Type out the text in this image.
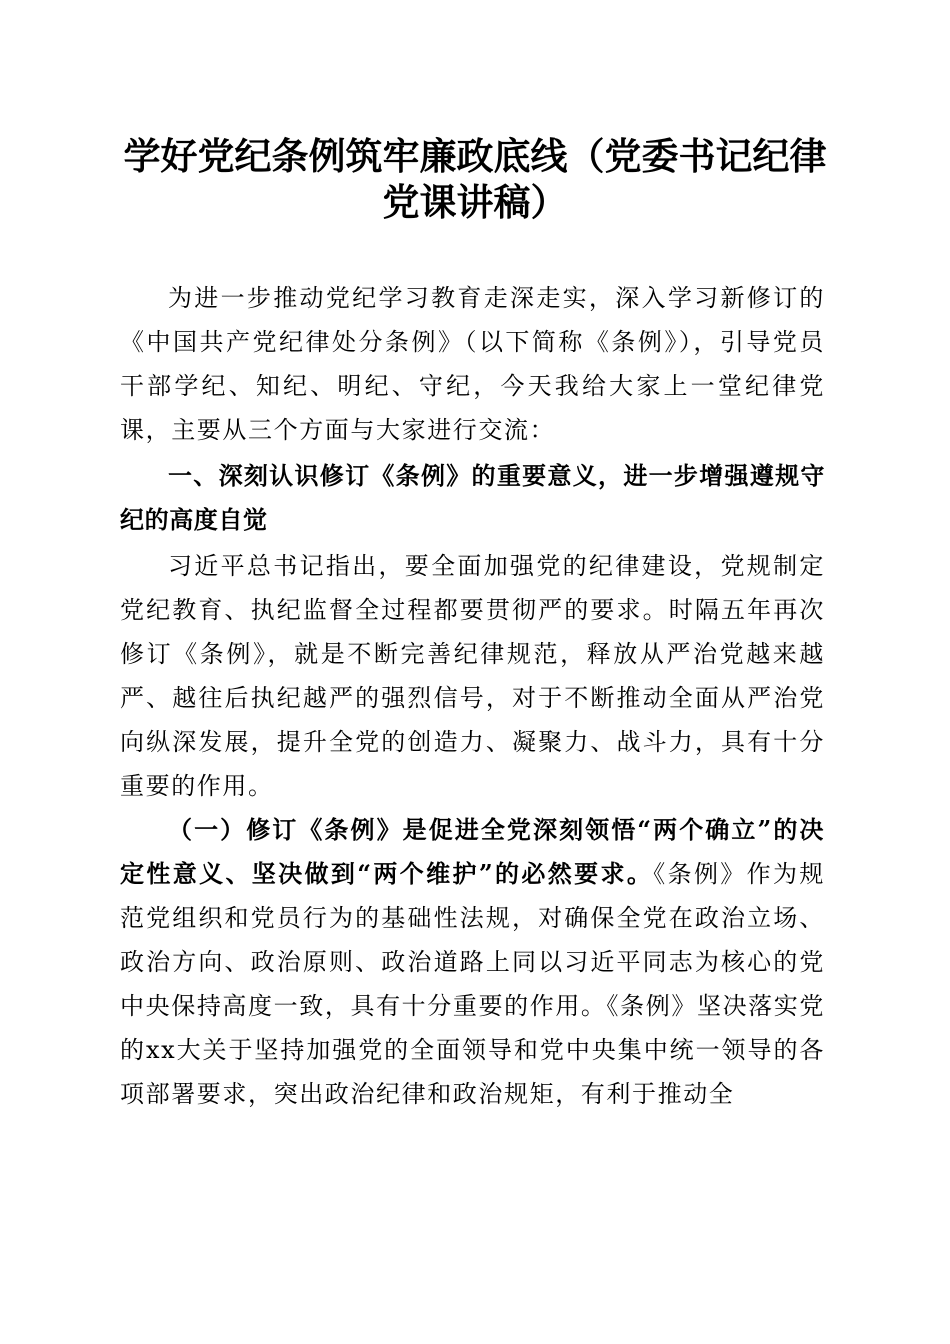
学好党纪条例筑牢廉政底线（党委书记纪律党课讲稿）

为进一步推动党纪学习教育走深走实，深入学习新修订的《中国共产党纪律处分条例》（以下简称《条例》），引导党员干部学纪、知纪、明纪、守纪，今天我给大家上一堂纪律党课，主要从三个方面与大家进行交流：

一、深刻认识修订《条例》的重要意义，进一步增强遵规守纪的高度自觉

习近平总书记指出，要全面加强党的纪律建设，党规制定党纪教育、执纪监督全过程都要贯彻严的要求。时隔五年再次修订《条例》，就是不断完善纪律规范，释放从严治党越来越严、越往后执纪越严的强烈信号，对于不断推动全面从严治党向纵深发展，提升全党的创造力、凝聚力、战斗力，具有十分重要的作用。

（一）修订《条例》是促进全党深刻领悟“两个确立”的决定性意义、坚决做到“两个维护”的必然要求。《条例》作为规范党组织和党员行为的基础性法规，对确保全党在政治立场、政治方向、政治原则、政治道路上同以习近平同志为核心的党中央保持高度一致，具有十分重要的作用。《条例》坚决落实党的xx大关于坚持加强党的全面领导和党中央集中统一领导的各项部署要求，突出政治纪律和政治规矩，有利于推动全
